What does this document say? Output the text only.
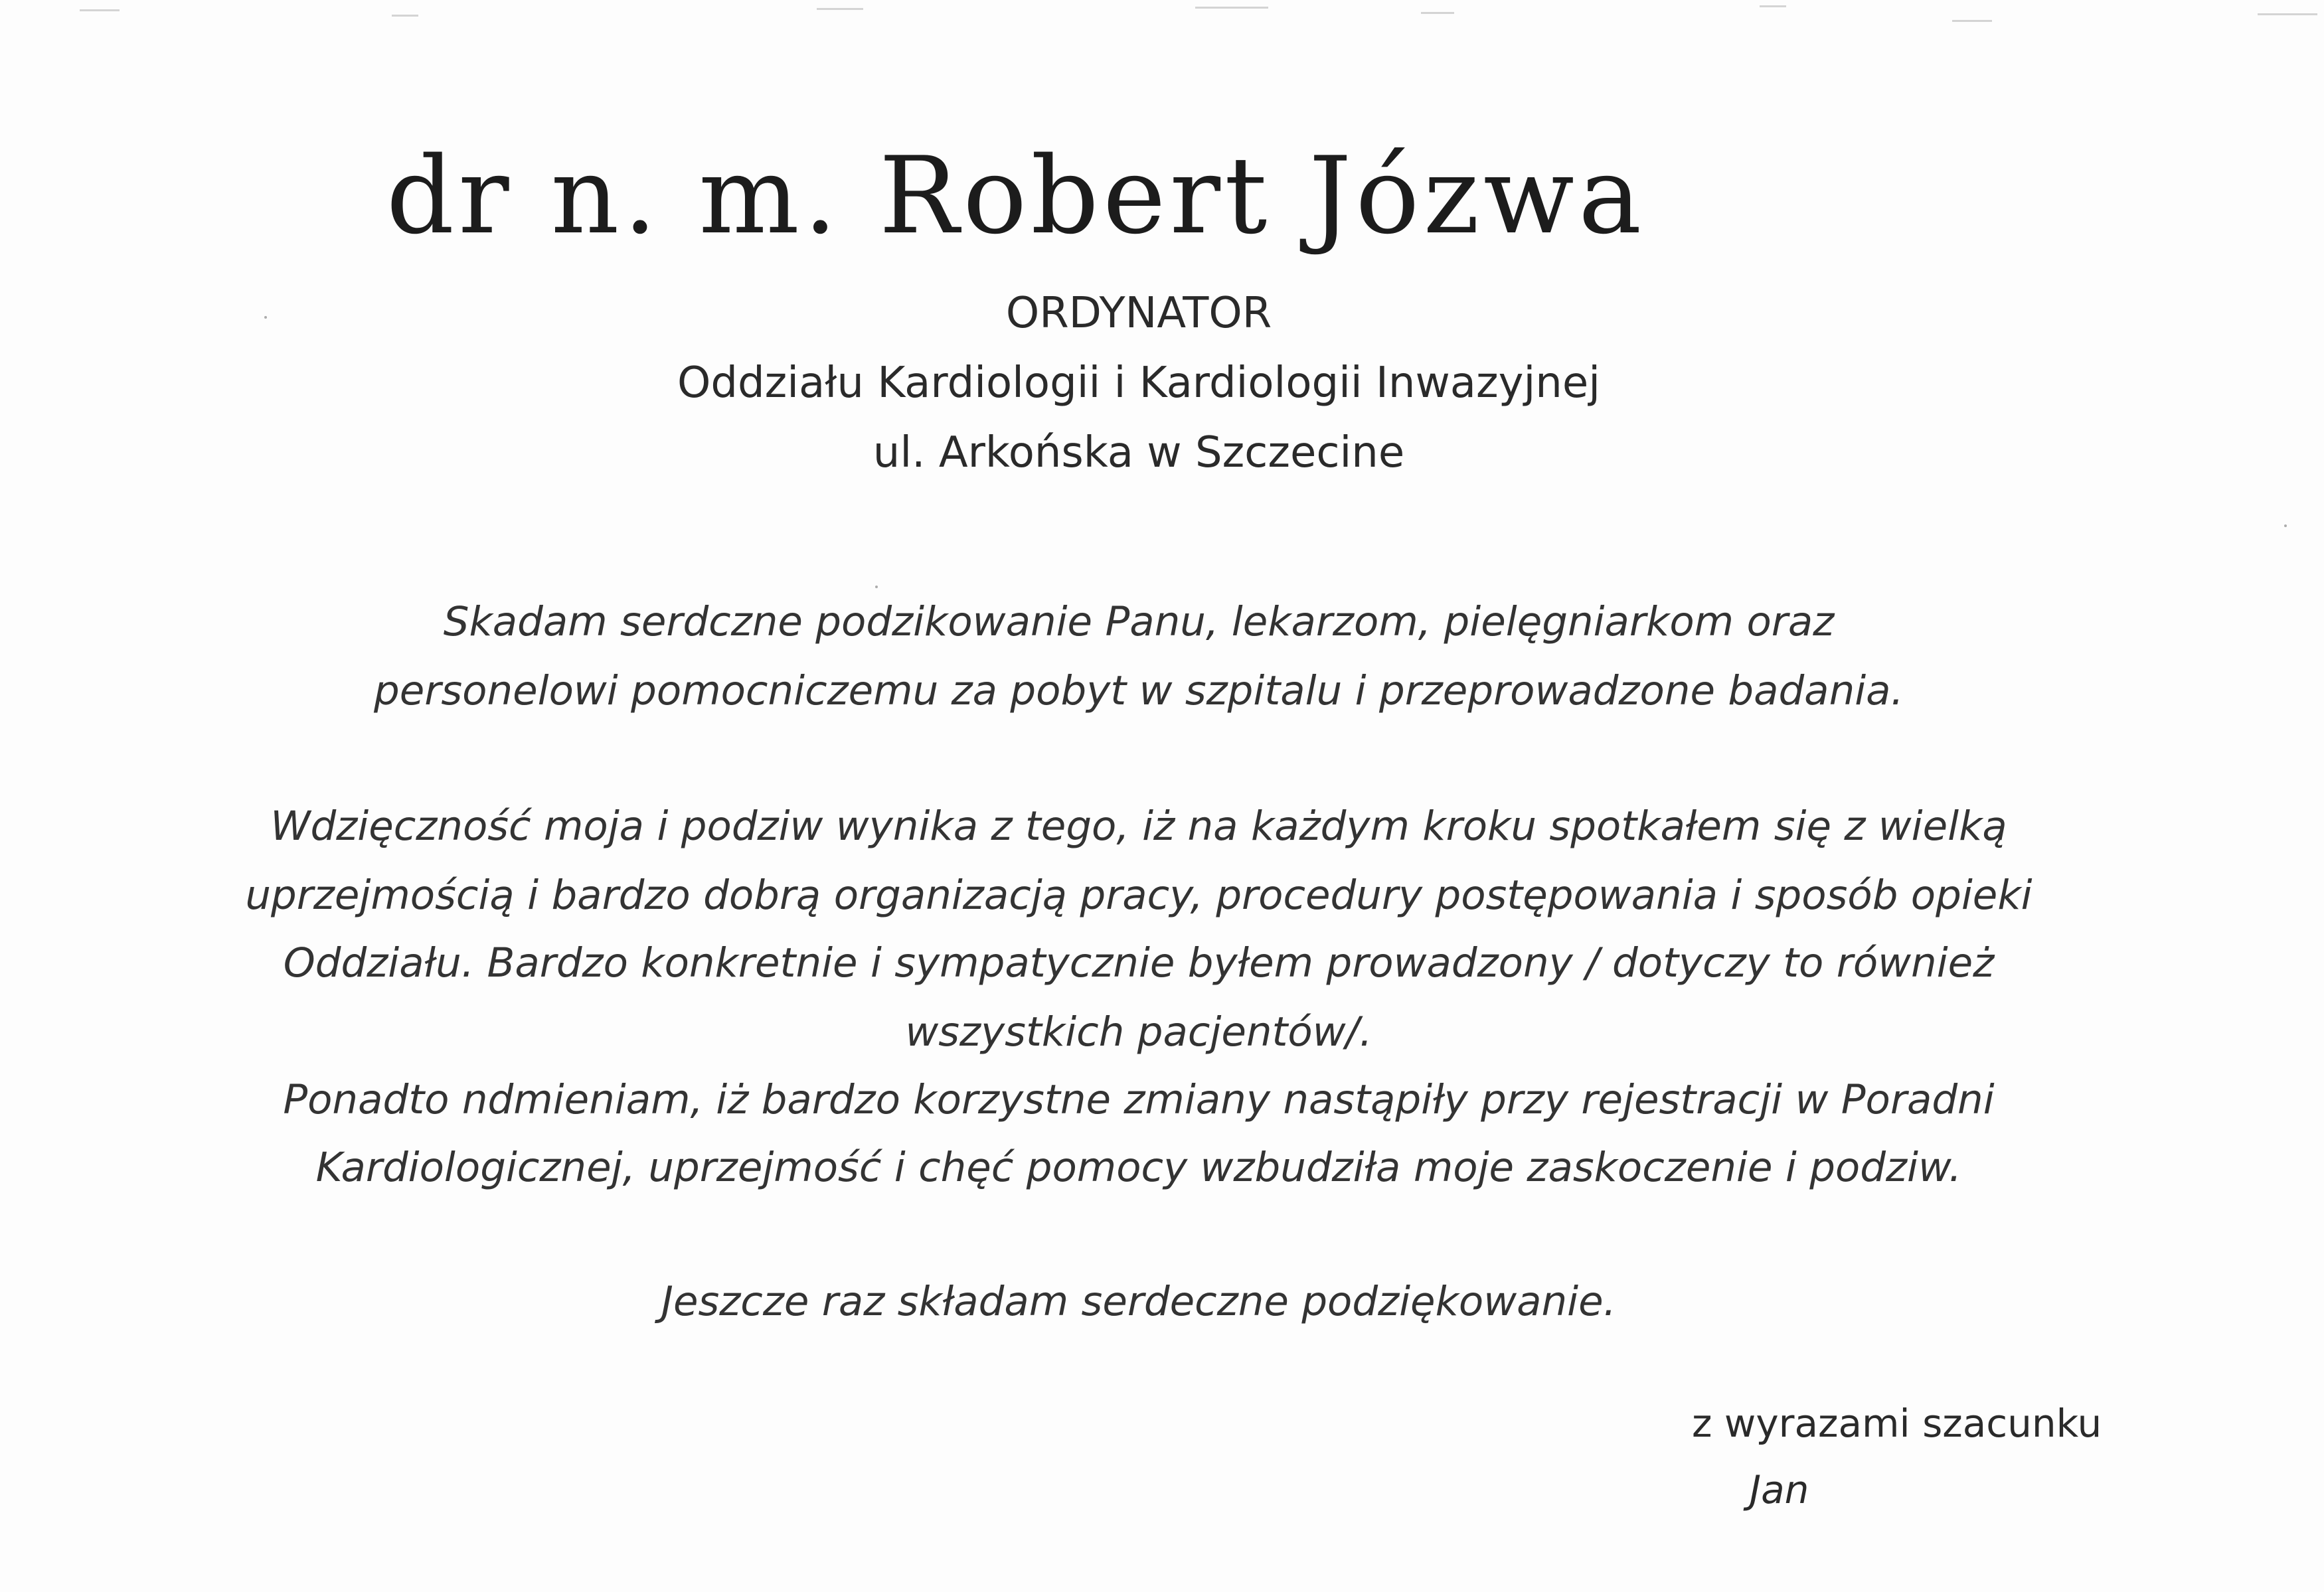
dr n. m. Robert Józwa
ORDYNATOR
Oddziału Kardiologii i Kardiologii Inwazyjnej
ul. Arkońska w Szczecine
Skadam serdczne podzikowanie Panu, lekarzom, pielęgniarkom oraz
personelowi pomocniczemu za pobyt w szpitalu i przeprowadzone badania.
Wdzięczność moja i podziw wynika z tego, iż na każdym kroku spotkałem się z wielką
uprzejmością i bardzo dobrą organizacją pracy, procedury postępowania i sposób opieki
Oddziału. Bardzo konkretnie i sympatycznie byłem prowadzony / dotyczy to również
wszystkich pacjentów/.
Ponadto ndmieniam, iż bardzo korzystne zmiany nastąpiły przy rejestracji w Poradni
Kardiologicznej, uprzejmość i chęć pomocy wzbudziła moje zaskoczenie i podziw.
Jeszcze raz składam serdeczne podziękowanie.
z wyrazami szacunku
Jan
